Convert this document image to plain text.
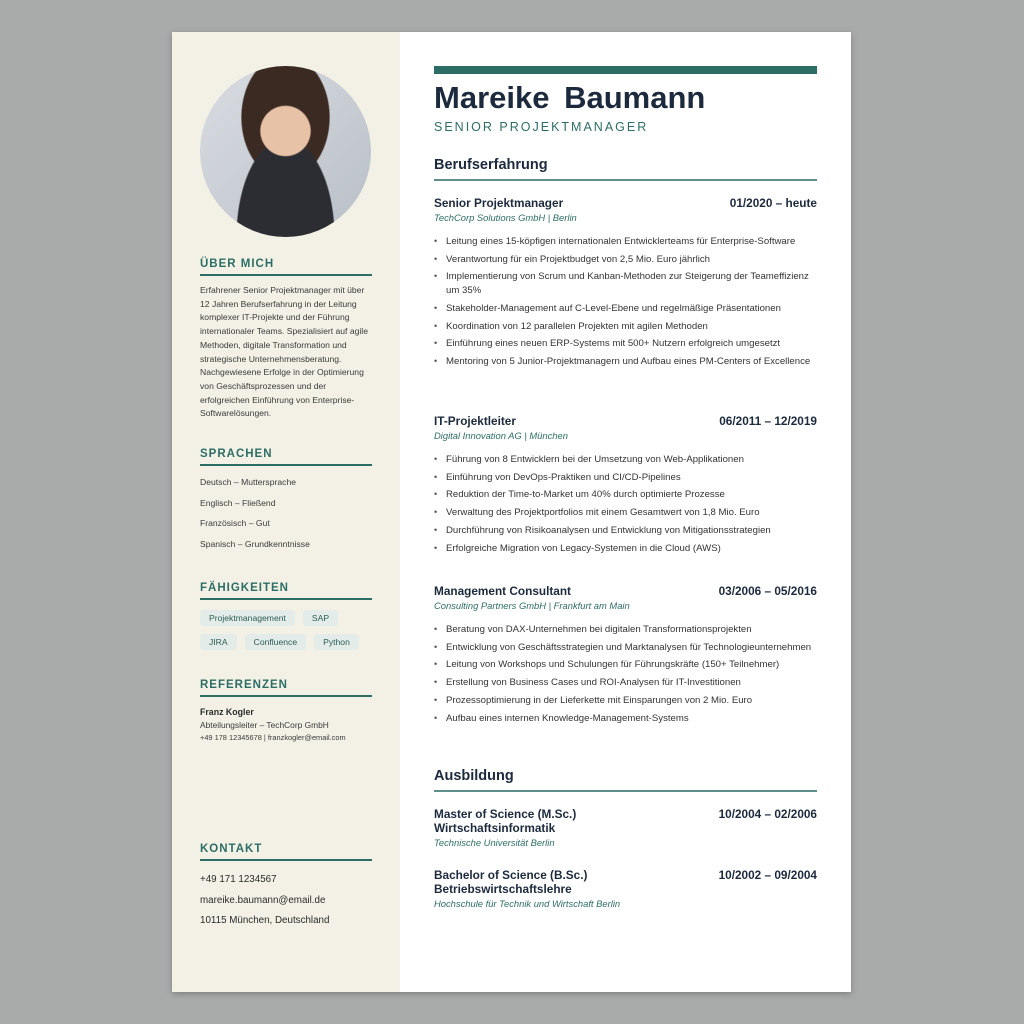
ÜBER MICH
Erfahrener Senior Projektmanager mit über 12 Jahren Berufserfahrung in der Leitung komplexer IT-Projekte und der Führung internationaler Teams. Spezialisiert auf agile Methoden, digitale Transformation und strategische Unternehmensberatung. Nachgewiesene Erfolge in der Optimierung von Geschäftsprozessen und der erfolgreichen Einführung von Enterprise-Softwarelösungen.
SPRACHEN
Deutsch – Muttersprache
Englisch – Fließend
Französisch – Gut
Spanisch – Grundkenntnisse
FÄHIGKEITEN
Projektmanagement	SAP
JIRA	Confluence	Python
REFERENZEN
Franz Kogler
Abteilungsleiter – TechCorp GmbH
+49 178 12345678 | franzkogler@email.com
KONTAKT
+49 171 1234567
mareike.baumann@email.de
10115 München, Deutschland
Mareike Baumann
SENIOR PROJEKTMANAGER
Berufserfahrung
Senior Projektmanager	01/2020 – heute
TechCorp Solutions GmbH | Berlin
• Leitung eines 15-köpfigen internationalen Entwicklerteams für Enterprise-Software
• Verantwortung für ein Projektbudget von 2,5 Mio. Euro jährlich
• Implementierung von Scrum und Kanban-Methoden zur Steigerung der Teameffizienz um 35%
• Stakeholder-Management auf C-Level-Ebene und regelmäßige Präsentationen
• Koordination von 12 parallelen Projekten mit agilen Methoden
• Einführung eines neuen ERP-Systems mit 500+ Nutzern erfolgreich umgesetzt
• Mentoring von 5 Junior-Projektmanagern und Aufbau eines PM-Centers of Excellence
IT-Projektleiter	06/2011 – 12/2019
Digital Innovation AG | München
• Führung von 8 Entwicklern bei der Umsetzung von Web-Applikationen
• Einführung von DevOps-Praktiken und CI/CD-Pipelines
• Reduktion der Time-to-Market um 40% durch optimierte Prozesse
• Verwaltung des Projektportfolios mit einem Gesamtwert von 1,8 Mio. Euro
• Durchführung von Risikoanalysen und Entwicklung von Mitigationsstrategien
• Erfolgreiche Migration von Legacy-Systemen in die Cloud (AWS)
Management Consultant	03/2006 – 05/2016
Consulting Partners GmbH | Frankfurt am Main
• Beratung von DAX-Unternehmen bei digitalen Transformationsprojekten
• Entwicklung von Geschäftsstrategien und Marktanalysen für Technologieunternehmen
• Leitung von Workshops und Schulungen für Führungskräfte (150+ Teilnehmer)
• Erstellung von Business Cases und ROI-Analysen für IT-Investitionen
• Prozessoptimierung in der Lieferkette mit Einsparungen von 2 Mio. Euro
• Aufbau eines internen Knowledge-Management-Systems
Ausbildung
Master of Science (M.Sc.) Wirtschaftsinformatik
10/2004 – 02/2006
Technische Universität Berlin
Bachelor of Science (B.Sc.) Betriebswirtschaftslehre
10/2002 – 09/2004
Hochschule für Technik und Wirtschaft Berlin
